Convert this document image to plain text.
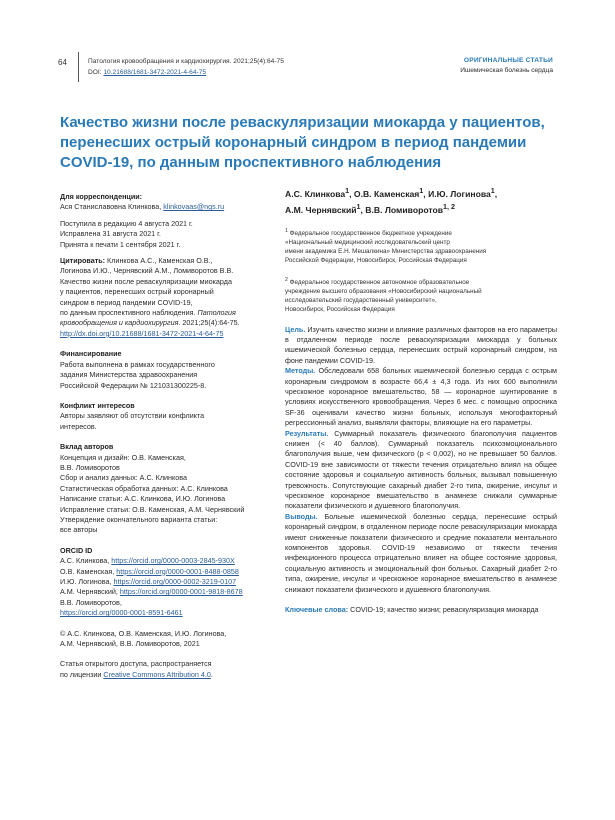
64	Патология кровообращения и кардиохирургия. 2021;25(4):64-75
DOI: 10.21688/1681-3472-2021-4-64-75
ОРИГИНАЛЬНЫЕ СТАТЬИ
Ишемическая болезнь сердца
Качество жизни после реваскуляризации миокарда у пациентов, перенесших острый коронарный синдром в период пандемии COVID-19, по данным проспективного наблюдения

Для корреспонденции:

Ася Станиславовна Клинкова, klinkovaas@ngs.ru

Поступила в редакцию 4 августа 2021 г.

Исправлена 31 августа 2021 г.

Принята к печати 1 сентября 2021 г.

Цитировать: Клинкова А.С., Каменская О.В.,

Логинова И.Ю., Чернявский А.М., Ломиворотов В.В.

Качество жизни после реваскуляризации миокарда

у пациентов, перенесших острый коронарный

синдром в период пандемии COVID-19,

по данным проспективного наблюдения. Патология

кровообращения и кардиохирургия. 2021;25(4):64-75.

http://dx.doi.org/10.21688/1681-3472-2021-4-64-75

Финансирование

Работа выполнена в рамках государственного

задания Министерства здравоохранения

Российской Федерации № 121031300225-8.

Конфликт интересов

Авторы заявляют об отсутствии конфликта

интересов.

Вклад авторов

Концепция и дизайн: О.В. Каменская,

В.В. Ломиворотов

Сбор и анализ данных: А.С. Клинкова

Статистическая обработка данных: А.С. Клинкова

Написание статьи: А.С. Клинкова, И.Ю. Логинова

Исправление статьи: О.В. Каменская, А.М. Чернявский

Утверждение окончательного варианта статьи:

все авторы

ORCID ID

А.С. Клинкова, https://orcid.org/0000-0003-2845-930X

О.В. Каменская, https://orcid.org/0000-0001-8488-0858

И.Ю. Логинова, https://orcid.org/0000-0002-3219-0107

А.М. Чернявский, https://orcid.org/0000-0001-9818-8678

В.В. Ломиворотов,

https://orcid.org/0000-0001-8591-6461

© А.С. Клинкова, О.В. Каменская, И.Ю. Логинова,

А.М. Чернявский, В.В. Ломиворотов, 2021

Статья открытого доступа, распространяется

по лицензии Creative Commons Attribution 4.0.

А.С. Клинкова$^1$, О.В. Каменская$^1$, И.Ю. Логинова$^1$,

А.М. Чернявский$^1$, В.В. Ломиворотов$^{1, 2}$

$^1$ Федеральное государственное бюджетное учреждение

«Национальный медицинский исследовательский центр

имени академика Е.Н. Мешалкина» Министерства здравоохранения

Российской Федерации, Новосибирск, Российская Федерация

$^2$ Федеральное государственное автономное образовательное

учреждение высшего образования «Новосибирский национальный

исследовательский государственный университет»,

Новосибирск, Российская Федерация

Цель. Изучить качество жизни и влияние различных факторов на его параметры в отдаленном периоде после реваскуляризации миокарда у больных ишемической болезнью сердца, перенесших острый коронарный синдром, на фоне пандемии COVID-19.

Методы. Обследовали 658 больных ишемической болезнью сердца с острым коронарным синдромом в возрасте 66,4 ± 4,3 года. Из них 600 выполнили чрескожное коронарное вмешательство, 58 — коронарное шунтирование в условиях искусственного кровообращения. Через 6 мес. с помощью опросника SF-36 оценивали качество жизни больных, используя многофакторный регрессионный анализ, выявляли факторы, влияющие на его параметры.

Результаты. Суммарный показатель физического благополучия пациентов снижен (< 40 баллов). Суммарный показатель психоэмоционального благополучия выше, чем физического (р < 0,002), но не превышает 50 баллов. COVID-19 вне зависимости от тяжести течения отрицательно влиял на общее состояние здоровья и социальную активность больных, вызывал повышенную тревожность. Сопутствующие сахарный диабет 2-го типа, ожирение, инсульт и чрескожное коронарное вмешательство в анамнезе снижали суммарные показатели физического и душевного благополучия.

Выводы. Больные ишемической болезнью сердца, перенесшие острый коронарный синдром, в отдаленном периоде после реваскуляризации миокарда имеют сниженные показатели физического и средние показатели ментального компонентов здоровья. COVID-19 независимо от тяжести течения инфекционного процесса отрицательно влияет на общее состояние здоровья, социальную активность и эмоциональный фон больных. Сахарный диабет 2-го типа, ожирение, инсульт и чрескожное коронарное вмешательство в анамнезе снижают показатели физического и душевного благополучия.

Ключевые слова: COVID-19; качество жизни; реваскуляризация миокарда
